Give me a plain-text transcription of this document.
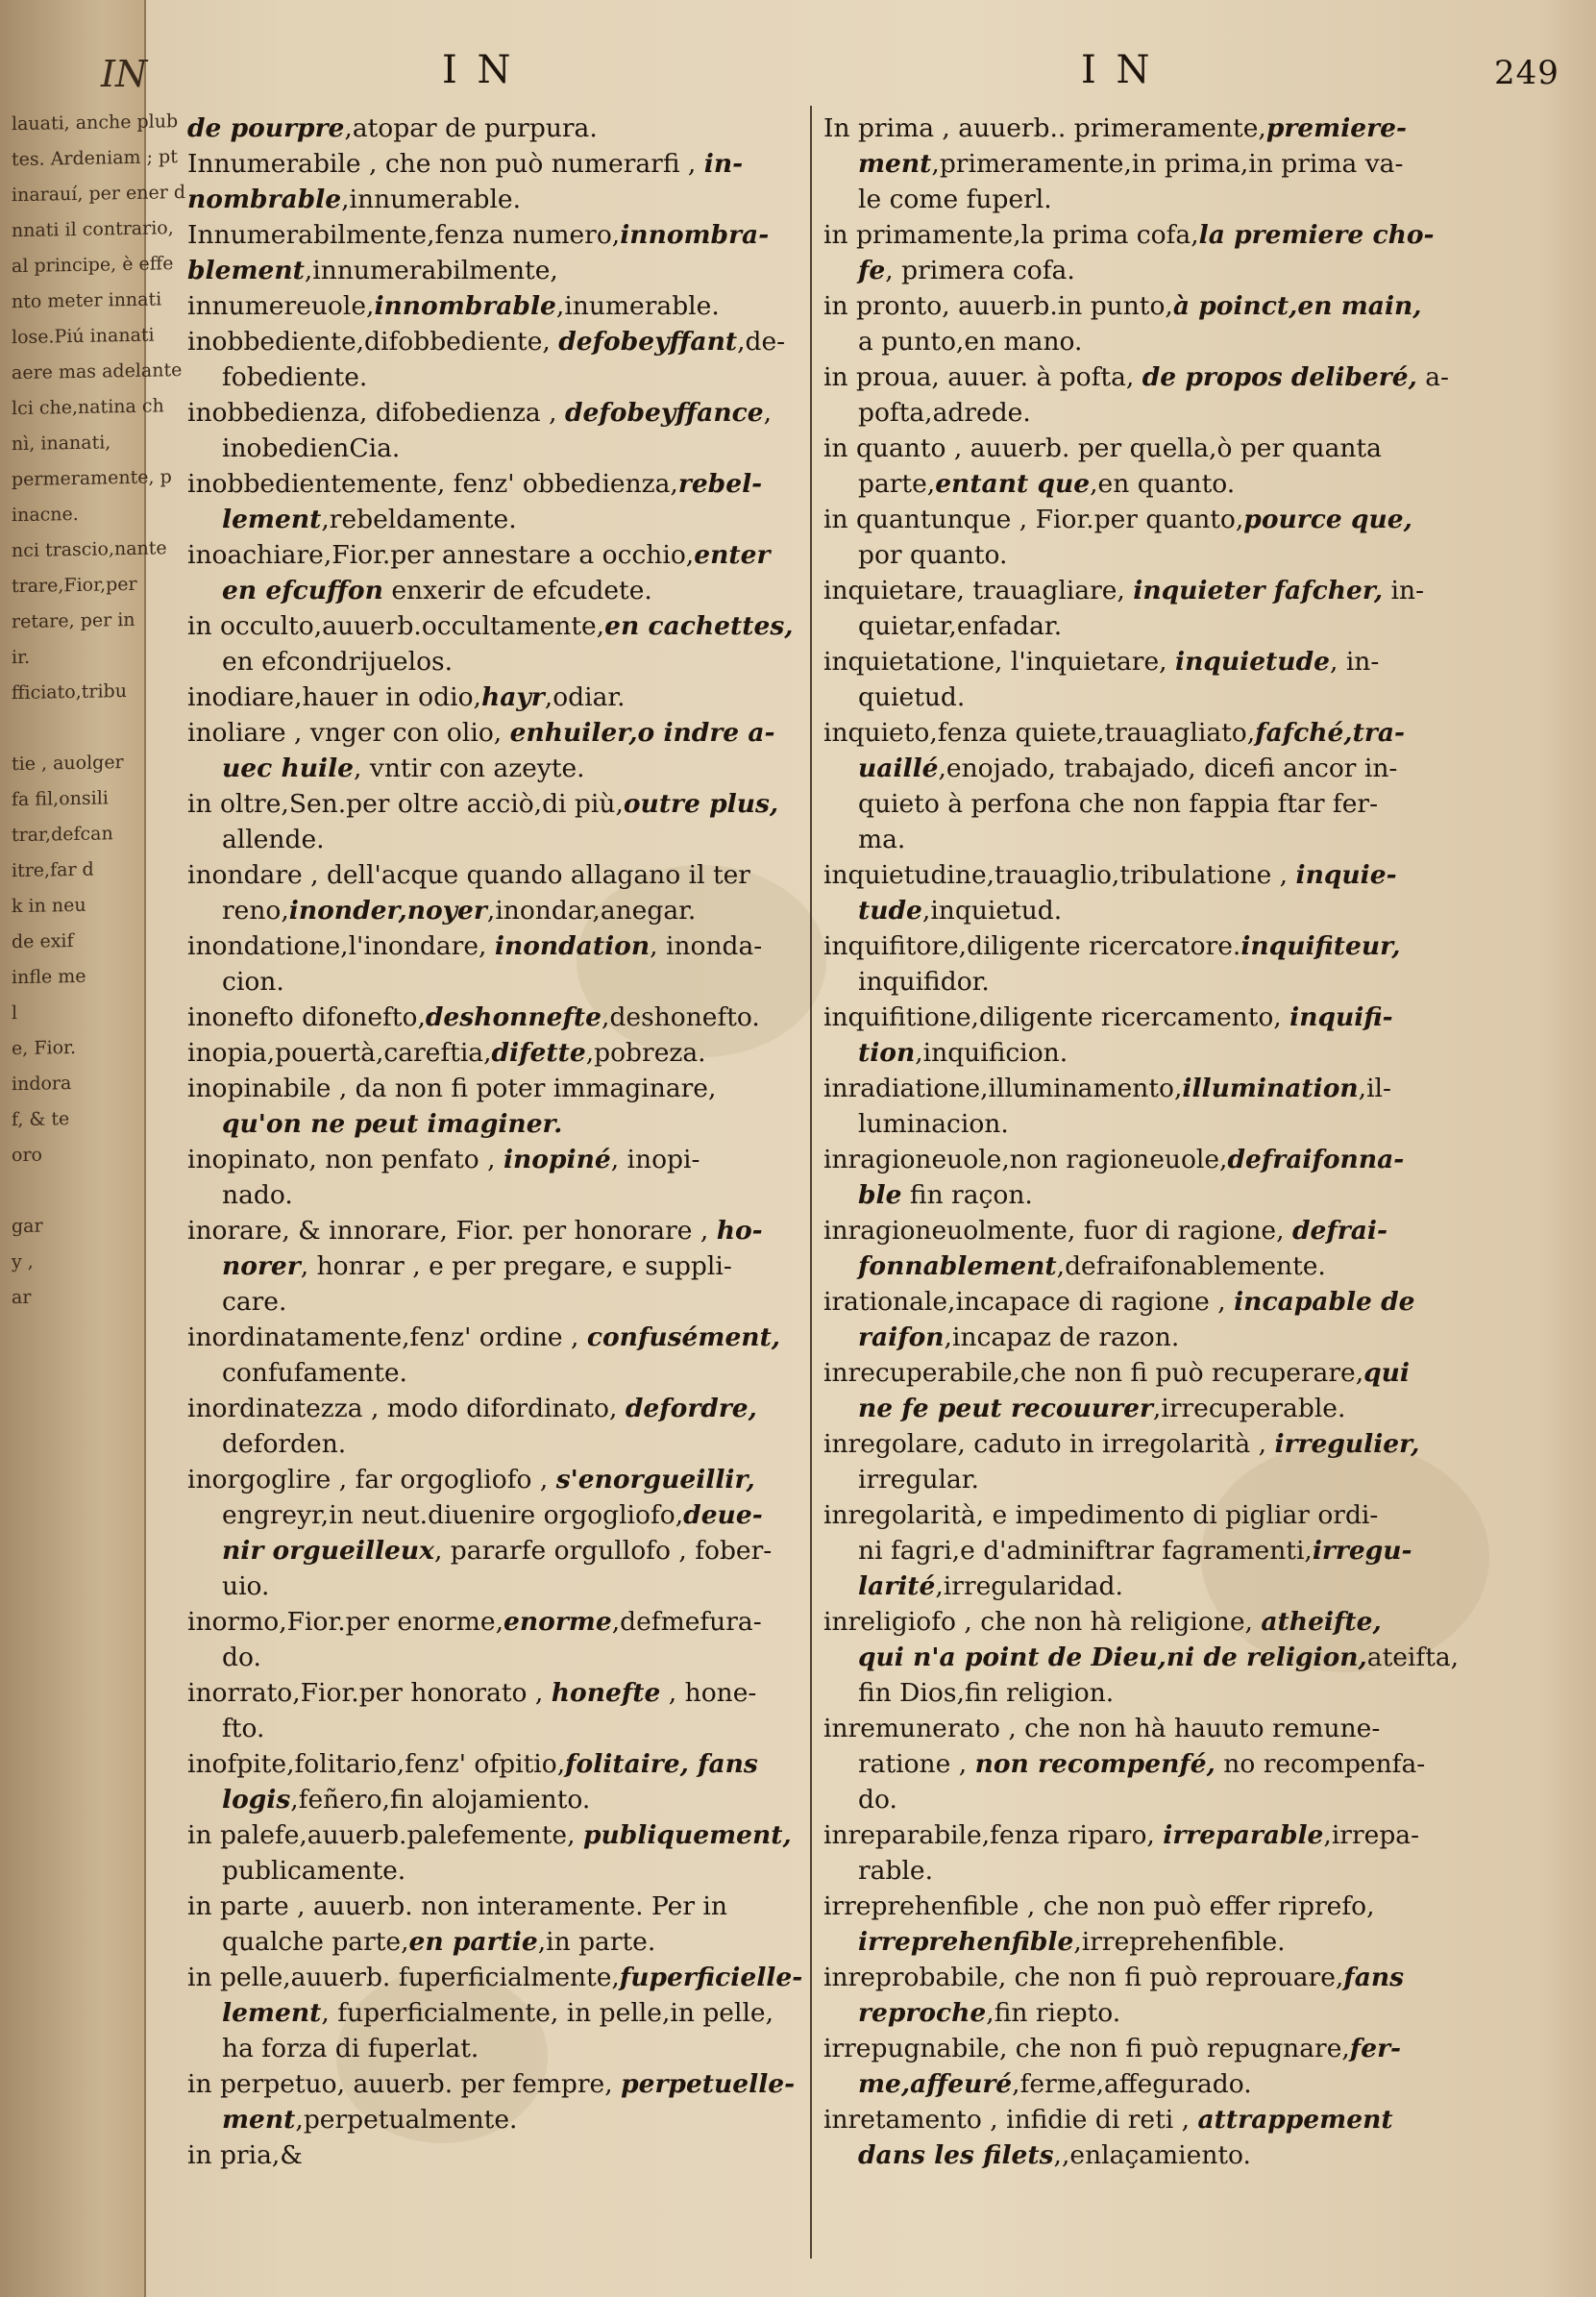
IN
lauati, anche plub
tes. Ardeniam ; pt
inarauí, per ener d
nnati il contrario,
al principe, è effe
nto meter innati
lose.Piú inanati
aere mas adelante
lci che,natina ch
nì, inanati,
permeramente, p
inacne.
nci trascio,nante
trare,Fior,per
retare, per in
ir.
fficiato,tribu
tie , auolger
fa fil,onsili
trar,defcan
itre,far d
k in neu
de exif
infle me
l
e, Fior.
indora
f, & te
oro
gar
y ,
ar
I N	I N	249
de pourpre,atopar de purpura.
Innumerabile , che non può numerarfi , in-
nombrable,innumerable.
Innumerabilmente,fenza numero,innombra-
blement,innumerabilmente,
innumereuole,innombrable,inumerable.
inobbediente,difobbediente, defobeyffant,de-
fobediente.
inobbedienza, difobedienza , defobeyffance,
inobedienCia.
inobbedientemente, fenz' obbedienza,rebel-
lement,rebeldamente.
inoachiare,Fior.per annestare a occhio,enter
en efcuffon enxerir de efcudete.
in occulto,auuerb.occultamente,en cachettes,
en efcondrijuelos.
inodiare,hauer in odio,hayr,odiar.
inoliare , vnger con olio, enhuiler,o indre a-
uec huile, vntir con azeyte.
in oltre,Sen.per oltre acciò,di più,outre plus,
allende.
inondare , dell'acque quando allagano il ter
reno,inonder,noyer,inondar,anegar.
inondatione,l'inondare, inondation, inonda-
cion.
inonefto difonefto,deshonnefte,deshonefto.
inopia,pouertà,careftia,difette,pobreza.
inopinabile , da non fi poter immaginare,
qu'on ne peut imaginer.
inopinato, non penfato , inopiné, inopi-
nado.
inorare, & innorare, Fior. per honorare , ho-
norer, honrar , e per pregare, e suppli-
care.
inordinatamente,fenz' ordine , confusément,
confufamente.
inordinatezza , modo difordinato, defordre,
deforden.
inorgoglire , far orgogliofo , s'enorgueillir,
engreyr,in neut.diuenire orgogliofo,deue-
nir orgueilleux, pararfe orgullofo , fober-
uio.
inormo,Fior.per enorme,enorme,defmefura-
do.
inorrato,Fior.per honorato , honefte , hone-
fto.
inofpite,folitario,fenz' ofpitio,folitaire, fans
logis,feñero,fin alojamiento.
in palefe,auuerb.palefemente, publiquement,
publicamente.
in parte , auuerb. non interamente. Per in
qualche parte,en partie,in parte.
in pelle,auuerb. fuperficialmente,fuperficielle-
lement, fuperficialmente, in pelle,in pelle,
ha forza di fuperlat.
in perpetuo, auuerb. per fempre, perpetuelle-
ment,perpetualmente.
in pria,&
In prima , auuerb.. primeramente,premiere-
ment,primeramente,in prima,in prima va-
le come fuperl.
in primamente,la prima cofa,la premiere cho-
fe, primera cofa.
in pronto, auuerb.in punto,à poinct,en main,
a punto,en mano.
in proua, auuer. à pofta, de propos deliberé, a-
pofta,adrede.
in quanto , auuerb. per quella,ò per quanta
parte,entant que,en quanto.
in quantunque , Fior.per quanto,pource que,
por quanto.
inquietare, trauagliare, inquieter fafcher, in-
quietar,enfadar.
inquietatione, l'inquietare, inquietude, in-
quietud.
inquieto,fenza quiete,trauagliato,fafché,tra-
uaillé,enojado, trabajado, dicefi ancor in-
quieto à perfona che non fappia ftar fer-
ma.
inquietudine,trauaglio,tribulatione , inquie-
tude,inquietud.
inquifitore,diligente ricercatore.inquifiteur,
inquifidor.
inquifitione,diligente ricercamento, inquifi-
tion,inquificion.
inradiatione,illuminamento,illumination,il-
luminacion.
inragioneuole,non ragioneuole,defraifonna-
ble fin raçon.
inragioneuolmente, fuor di ragione, defrai-
fonnablement,defraifonablemente.
irationale,incapace di ragione , incapable de
raifon,incapaz de razon.
inrecuperabile,che non fi può recuperare,qui
ne fe peut recouurer,irrecuperable.
inregolare, caduto in irregolarità , irregulier,
irregular.
inregolarità, e impedimento di pigliar ordi-
ni fagri,e d'adminiftrar fagramenti,irregu-
larité,irregularidad.
inreligiofo , che non hà religione, atheifte,
qui n'a point de Dieu,ni de religion,ateifta,
fin Dios,fin religion.
inremunerato , che non hà hauuto remune-
ratione , non recompenfé, no recompenfa-
do.
inreparabile,fenza riparo, irreparable,irrepa-
rable.
irreprehenfible , che non può effer riprefo,
irreprehenfible,irreprehenfible.
inreprobabile, che non fi può reprouare,fans
reproche,fin riepto.
irrepugnabile, che non fi può repugnare,fer-
me,affeuré,ferme,affegurado.
inretamento , infidie di reti , attrappement
dans les filets,,enlaçamiento.
